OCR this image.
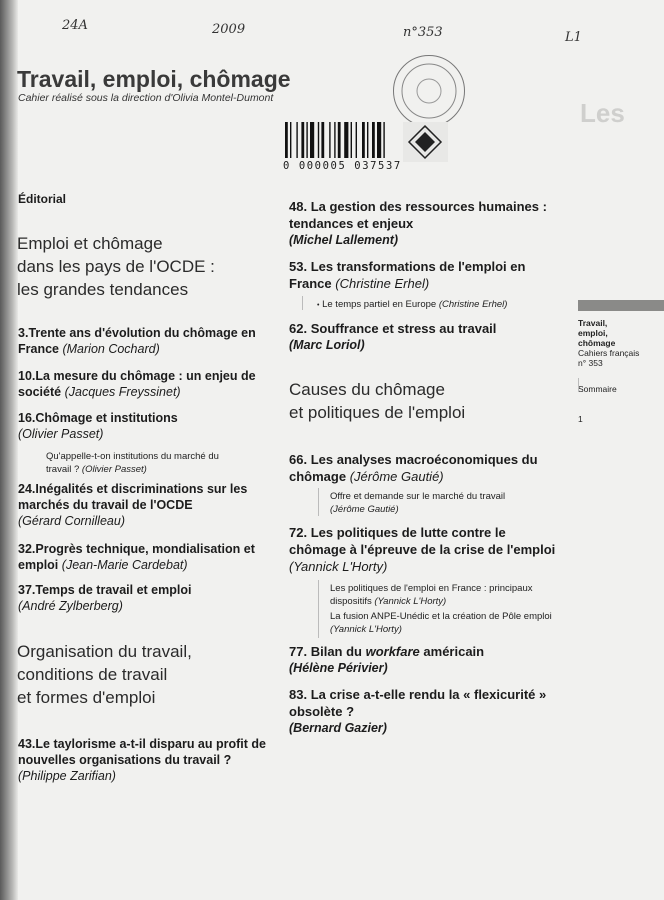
Les
24A	2009	n°353	L1
0 000005 037537
Travail, emploi, chômage
Cahier réalisé sous la direction d'Olivia Montel-Dumont
Travail,
emploi,
chômage
Cahiers français
n° 353
Sommaire
1
Éditorial
Emploi et chômage
dans les pays de l'OCDE :
les grandes tendances
3.Trente ans d'évolution du chômage en France (Marion Cochard)
10.La mesure du chômage : un enjeu de société (Jacques Freyssinet)
16.Chômage et institutions
(Olivier Passet)
Qu'appelle-t-on institutions du marché du travail ? (Olivier Passet)
24.Inégalités et discriminations sur les marchés du travail de l'OCDE
(Gérard Cornilleau)
32.Progrès technique, mondialisation et emploi (Jean-Marie Cardebat)
37.Temps de travail et emploi
(André Zylberberg)
Organisation du travail,
conditions de travail
et formes d'emploi
43.Le taylorisme a-t-il disparu au profit de nouvelles organisations du travail ? (Philippe Zarifian)
48. La gestion des ressources humaines : tendances et enjeux
(Michel Lallement)
53. Les transformations de l'emploi en France (Christine Erhel)
• Le temps partiel en Europe (Christine Erhel)
62. Souffrance et stress au travail
(Marc Loriol)
Causes du chômage
et politiques de l'emploi
66. Les analyses macroéconomiques du chômage (Jérôme Gautié)
Offre et demande sur le marché du travail
(Jérôme Gautié)
72. Les politiques de lutte contre le chômage à l'épreuve de la crise de l'emploi (Yannick L'Horty)
Les politiques de l'emploi en France : principaux dispositifs (Yannick L'Horty)
La fusion ANPE-Unédic et la création de Pôle emploi (Yannick L'Horty)
77. Bilan du workfare américain
(Hélène Périvier)
83. La crise a-t-elle rendu la « flexicurité » obsolète ?
(Bernard Gazier)
